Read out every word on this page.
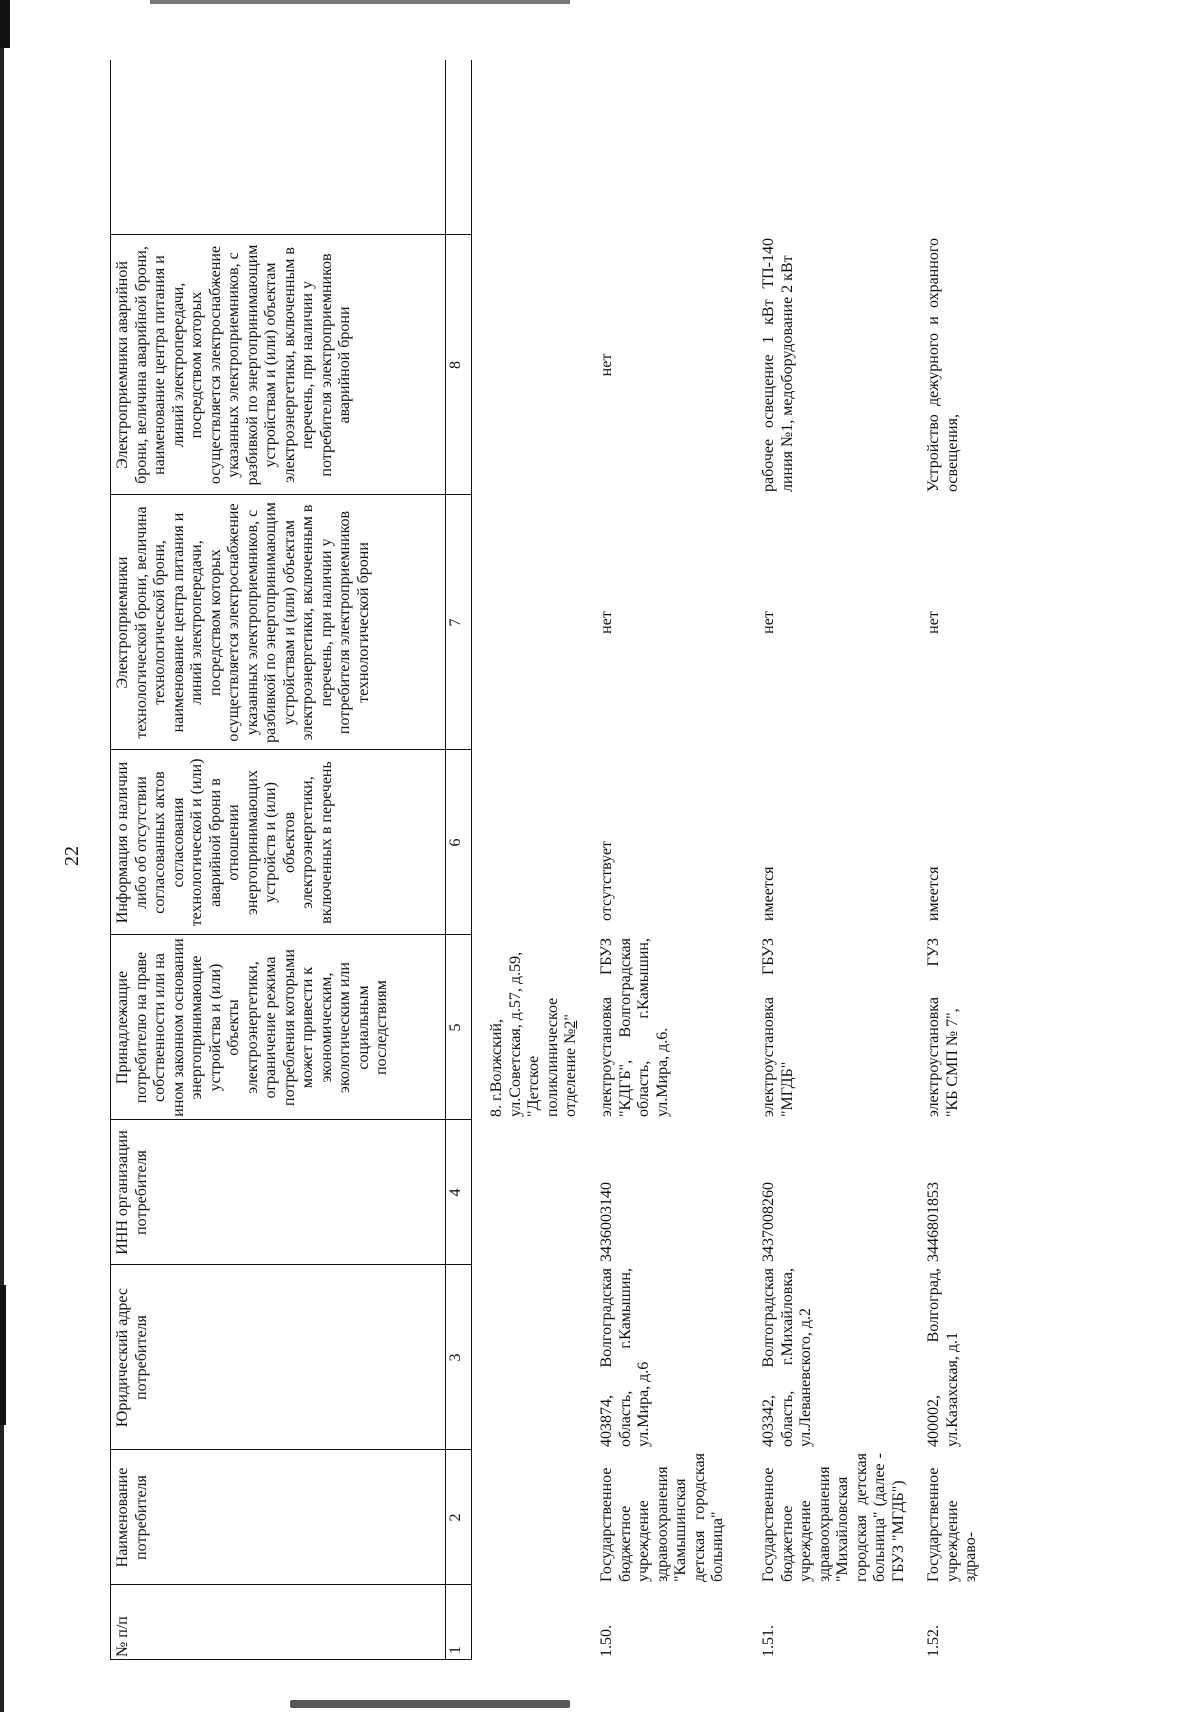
22
№ п/п
Наименование потребителя
Юридический адрес потребителя
ИНН организации потребителя
Принадлежащие потребителю на праве собственности или на ином законном основании энергопринимающие устройства и (или) объекты электроэнергетики, ограничение режима потребления которыми может привести к экономическим, экологическим или социальным последствиям
Информация о наличии либо об отсутствии согласованных актов согласования технологической и (или) аварийной брони в отношении энергопринимающих устройств и (или) объектов электроэнергетики, включенных в перечень
Электроприемники технологической брони, величина технологической брони, наименование центра питания и линий электропередачи, посредством которых осуществляется электроснабжение указанных электроприемников, с разбивкой по энергопринимающим устройствам и (или) объектам электроэнергетики, включенным в перечень, при наличии у потребителя электроприемников технологической брони
Электроприемники аварийной брони, величина аварийной брони, наименование центра питания и линий электропередачи, посредством которых осуществляется электроснабжение указанных электроприемников, с разбивкой по энергопринимающим устройствам и (или) объектам электроэнергетики, включенным в перечень, при наличии у потребителя электроприемников аварийной брони
1
2
3
4
5
6
7
8
8. г.Волжский, ул.Советская, д.57, д.59, "Детское поликлиническое отделение №2"
1.50.
Государственное бюджетное учреждение здравоохранения "Камышинская детская городская больница"
403874, Волгоградская область, г.Камышин, ул.Мира, д.6
3436003140
электроустановка ГБУЗ "КДГБ", Волгоградская область, г.Камышин, ул.Мира, д.6.
отсутствует
нет
нет
1.51.
Государственное бюджетное учреждение здравоохранения "Михайловская городская детская больница" (далее - ГБУЗ "МГДБ")
403342, Волгоградская область, г.Михайловка, ул.Леваневского, д.2
3437008260
электроустановка ГБУЗ "МГДБ"
имеется
нет
рабочее освещение 1 кВт ТП-140 линия №1, медоборудование 2 кВт
1.52.
Государственное учреждение здраво-
400002, Волгоград, ул.Казахская, д.1
3446801853
электроустановка ГУЗ "КБ СМП № 7",
имеется
нет
Устройство дежурного и охранного освещения,
